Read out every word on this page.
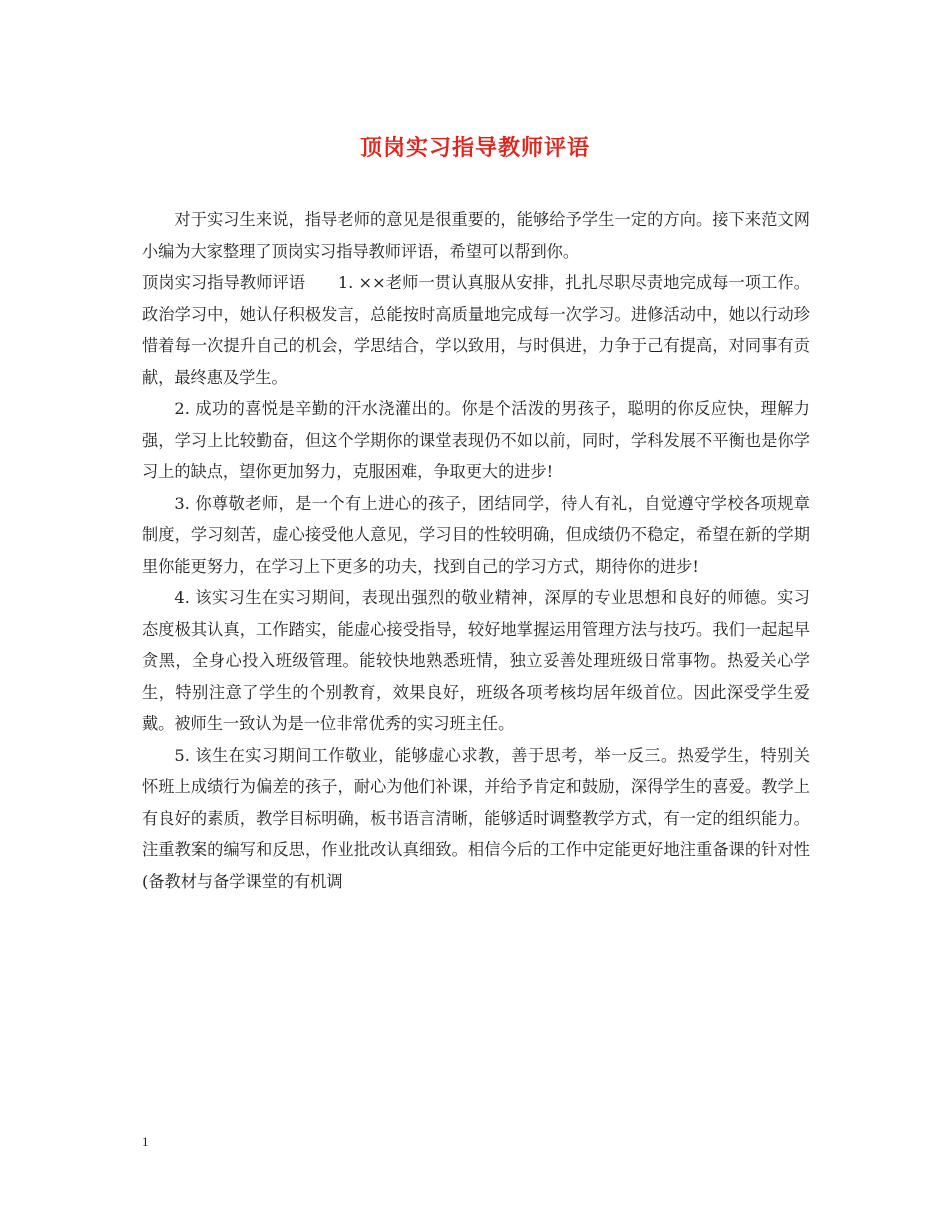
顶岗实习指导教师评语

对于实习生来说，指导老师的意见是很重要的，能够给予学生一定的方向。接下来范文网小编为大家整理了顶岗实习指导教师评语，希望可以帮到你。

顶岗实习指导教师评语　　1. ××老师一贯认真服从安排，扎扎尽职尽责地完成每一项工作。政治学习中，她认仔积极发言，总能按时高质量地完成每一次学习。进修活动中，她以行动珍惜着每一次提升自己的机会，学思结合，学以致用，与时俱进，力争于己有提高，对同事有贡献，最终惠及学生。

2. 成功的喜悦是辛勤的汗水浇灌出的。你是个活泼的男孩子，聪明的你反应快，理解力强，学习上比较勤奋，但这个学期你的课堂表现仍不如以前，同时，学科发展不平衡也是你学习上的缺点，望你更加努力，克服困难，争取更大的进步!

3. 你尊敬老师，是一个有上进心的孩子，团结同学，待人有礼，自觉遵守学校各项规章制度，学习刻苦，虚心接受他人意见，学习目的性较明确，但成绩仍不稳定，希望在新的学期里你能更努力，在学习上下更多的功夫，找到自己的学习方式，期待你的进步!

4. 该实习生在实习期间，表现出强烈的敬业精神，深厚的专业思想和良好的师德。实习态度极其认真，工作踏实，能虚心接受指导，较好地掌握运用管理方法与技巧。我们一起起早贪黑，全身心投入班级管理。能较快地熟悉班情，独立妥善处理班级日常事物。热爱关心学生，特别注意了学生的个别教育，效果良好，班级各项考核均居年级首位。因此深受学生爱戴。被师生一致认为是一位非常优秀的实习班主任。

5. 该生在实习期间工作敬业，能够虚心求教，善于思考，举一反三。热爱学生，特别关怀班上成绩行为偏差的孩子，耐心为他们补课，并给予肯定和鼓励，深得学生的喜爱。教学上有良好的素质，教学目标明确，板书语言清晰，能够适时调整教学方式，有一定的组织能力。注重教案的编写和反思，作业批改认真细致。相信今后的工作中定能更好地注重备课的针对性(备教材与备学课堂的有机调

1
